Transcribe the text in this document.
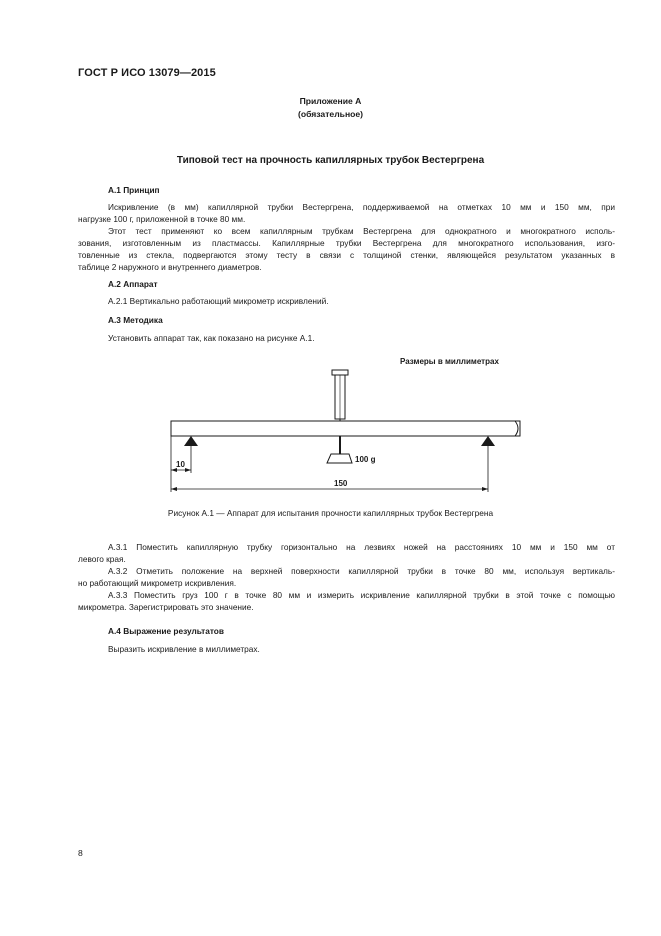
ГОСТ Р ИСО 13079—2015
Приложение А
(обязательное)
Типовой тест на прочность капиллярных трубок Вестергрена
А.1 Принцип
Искривление (в мм) капиллярной трубки Вестергрена, поддерживаемой на отметках 10 мм и 150 мм, при
нагрузке 100 г, приложенной в точке 80 мм.
Этот тест применяют ко всем капиллярным трубкам Вестергрена для однократного и многократного исполь-
зования, изготовленным из пластмассы. Капиллярные трубки Вестергрена для многократного использования, изго-
товленные из стекла, подвергаются этому тесту в связи с толщиной стенки, являющейся результатом указанных в
таблице 2 наружного и внутреннего диаметров.
А.2 Аппарат
А.2.1 Вертикально работающий микрометр искривлений.
А.3 Методика
Установить аппарат так, как показано на рисунке А.1.
Размеры в миллиметрах
100 g
10
150
Рисунок А.1 — Аппарат для испытания прочности капиллярных трубок Вестергрена
А.3.1 Поместить капиллярную трубку горизонтально на лезвиях ножей на расстояниях 10 мм и 150 мм от
левого края.
А.3.2 Отметить положение на верхней поверхности капиллярной трубки в точке 80 мм, используя вертикаль-
но работающий микрометр искривления.
А.3.3 Поместить груз 100 г в точке 80 мм и измерить искривление капиллярной трубки в этой точке с помощью
микрометра. Зарегистрировать это значение.
А.4 Выражение результатов
Выразить искривление в миллиметрах.
8
